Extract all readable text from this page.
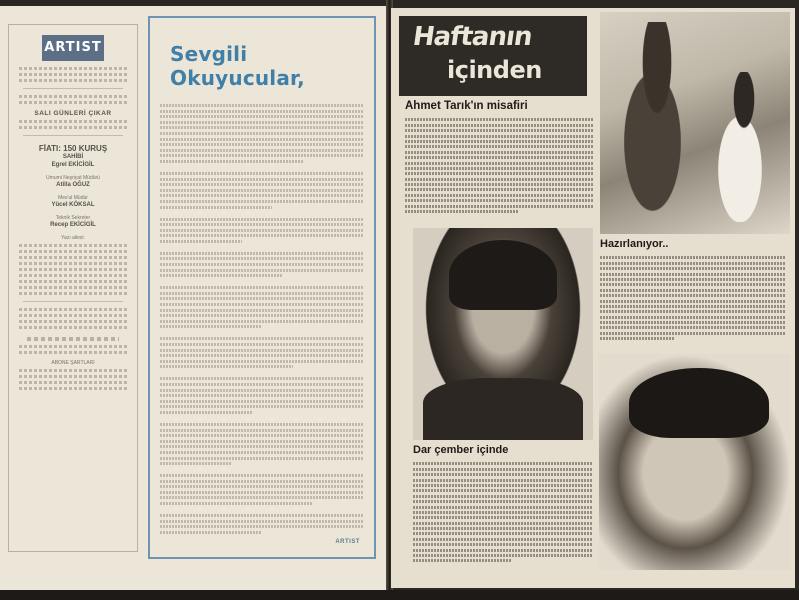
ARTIST
SALI GÜNLERİ ÇIKAR
FİATI: 150 KURUŞ
SAHİBİ
Egrel EKİCİGİL
Umumi Neşriyat Müdürü
Atilla OĞUZ
Mes'ul Müdür
Yücel KÖKSAL
Teknik Sekreter
Recep EKİCİGİL
Yazı ailesi:
ABONE ŞARTLARI
Sevgili Okuyucular,
ARTIST
Haftanın
içinden
Ahmet Tarık'ın misafiri
Hazırlanıyor..
Dar çember içinde
